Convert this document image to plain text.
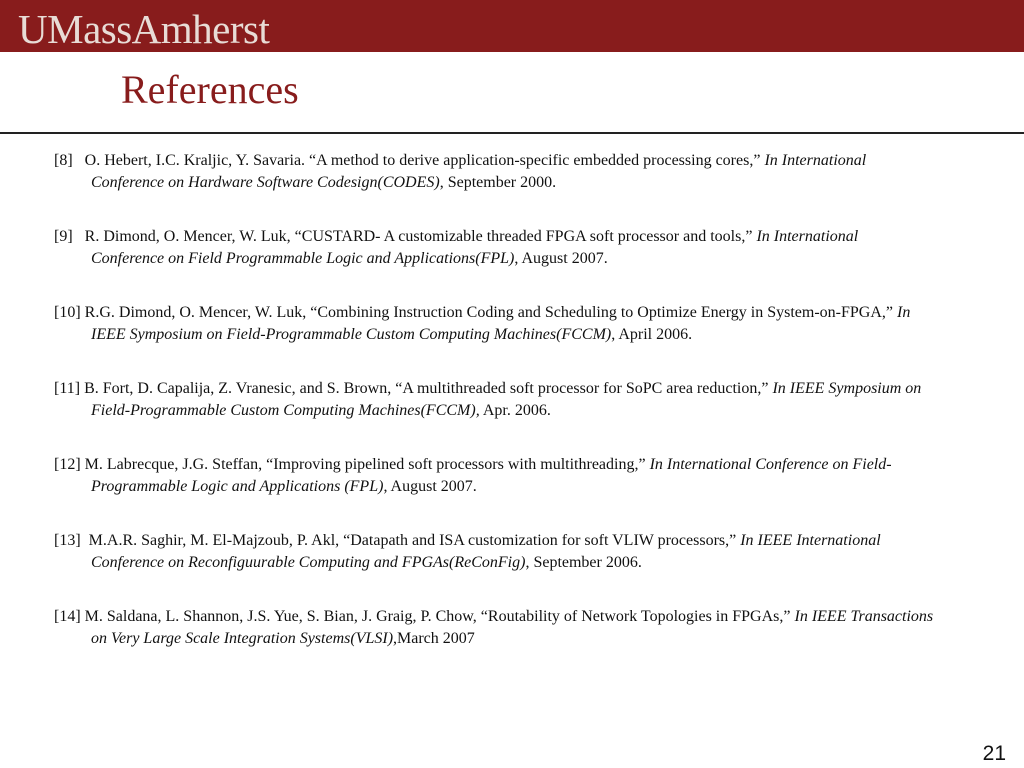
UMassAmherst
References
[8] O. Hebert, I.C. Kraljic, Y. Savaria. “A method to derive application-specific embedded processing cores,” In International Conference on Hardware Software Codesign(CODES), September 2000.
[9] R. Dimond, O. Mencer, W. Luk, “CUSTARD- A customizable threaded FPGA soft processor and tools,” In International Conference on Field Programmable Logic and Applications(FPL), August 2007.
[10] R.G. Dimond, O. Mencer, W. Luk, “Combining Instruction Coding and Scheduling to Optimize Energy in System-on-FPGA,” In IEEE Symposium on Field-Programmable Custom Computing Machines(FCCM), April 2006.
[11] B. Fort, D. Capalija, Z. Vranesic, and S. Brown, “A multithreaded soft processor for SoPC area reduction,” In IEEE Symposium on Field-Programmable Custom Computing Machines(FCCM), Apr. 2006.
[12] M. Labrecque, J.G. Steffan, “Improving pipelined soft processors with multithreading,” In International Conference on Field-Programmable Logic and Applications (FPL), August 2007.
[13] M.A.R. Saghir, M. El-Majzoub, P. Akl, “Datapath and ISA customization for soft VLIW processors,” In IEEE International Conference on Reconfiguurable Computing and FPGAs(ReConFig), September 2006.
[14] M. Saldana, L. Shannon, J.S. Yue, S. Bian, J. Graig, P. Chow, “Routability of Network Topologies in FPGAs,” In IEEE Transactions on Very Large Scale Integration Systems(VLSI),March 2007
21
